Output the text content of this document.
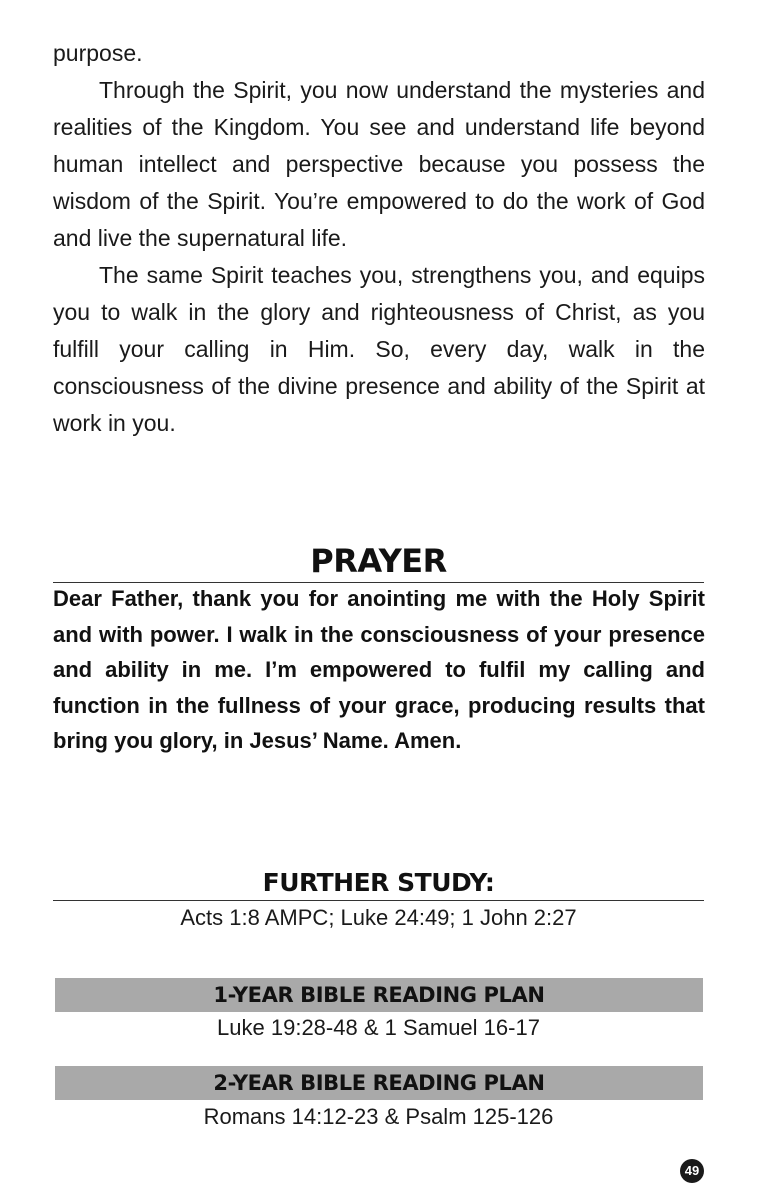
purpose.

Through the Spirit, you now understand the mysteries and realities of the Kingdom. You see and understand life beyond human intellect and perspective because you possess the wisdom of the Spirit. You’re empowered to do the work of God and live the supernatural life.

The same Spirit teaches you, strengthens you, and equips you to walk in the glory and righteousness of Christ, as you fulfill your calling in Him. So, every day, walk in the consciousness of the divine presence and ability of the Spirit at work in you.

PRAYER

Dear Father, thank you for anointing me with the Holy Spirit and with power. I walk in the consciousness of your presence and ability in me. I’m empowered to fulfil my calling and function in the fullness of your grace, producing results that bring you glory, in Jesus’ Name. Amen.

FURTHER STUDY:

Acts 1:8 AMPC; Luke 24:49; 1 John 2:27

1-YEAR BIBLE READING PLAN

Luke 19:28-48 & 1 Samuel 16-17

2-YEAR BIBLE READING PLAN

Romans 14:12-23 & Psalm 125-126

49
